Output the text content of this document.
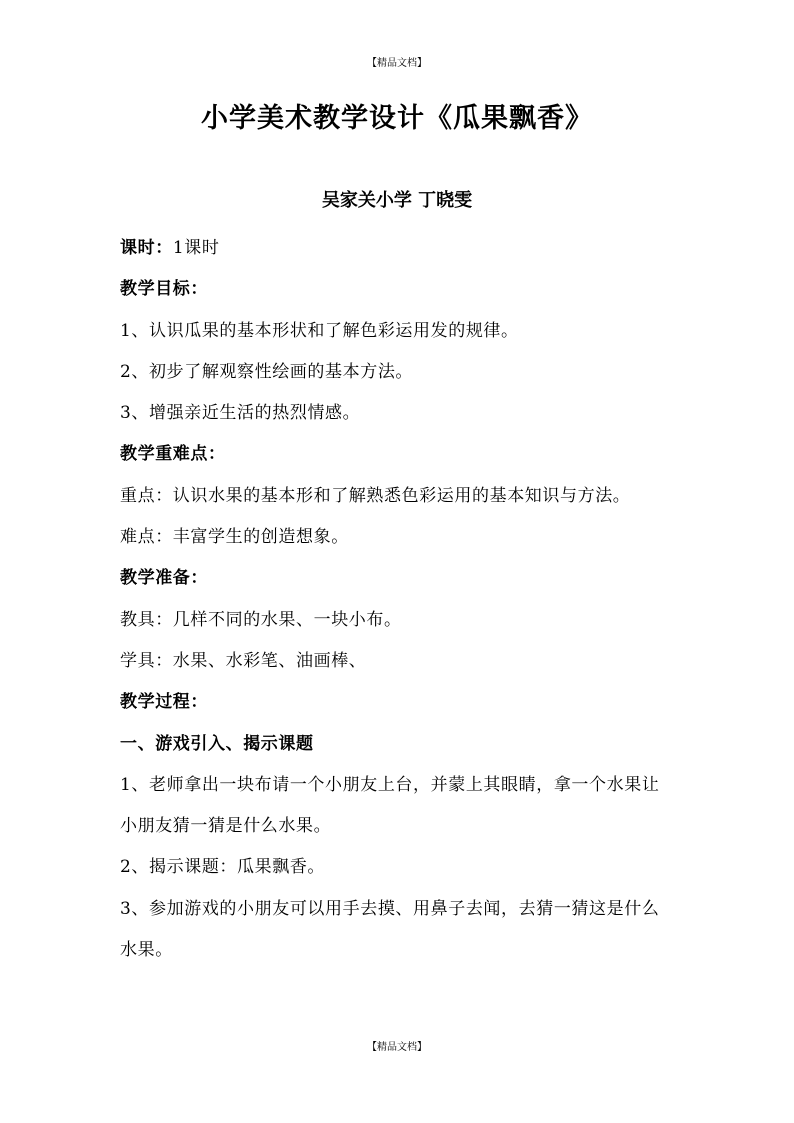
【精品文档】
小学美术教学设计《瓜果飘香》
吴家关小学 丁晓雯
课时：1课时
教学目标：
1、认识瓜果的基本形状和了解色彩运用发的规律。
2、初步了解观察性绘画的基本方法。
3、增强亲近生活的热烈情感。
教学重难点：
重点：认识水果的基本形和了解熟悉色彩运用的基本知识与方法。
难点：丰富学生的创造想象。
教学准备：
教具：几样不同的水果、一块小布。
学具：水果、水彩笔、油画棒、
教学过程：
一、游戏引入、揭示课题
1、老师拿出一块布请一个小朋友上台，并蒙上其眼睛，拿一个水果让小朋友猜一猜是什么水果。
2、揭示课题：瓜果飘香。
3、参加游戏的小朋友可以用手去摸、用鼻子去闻，去猜一猜这是什么水果。
【精品文档】
